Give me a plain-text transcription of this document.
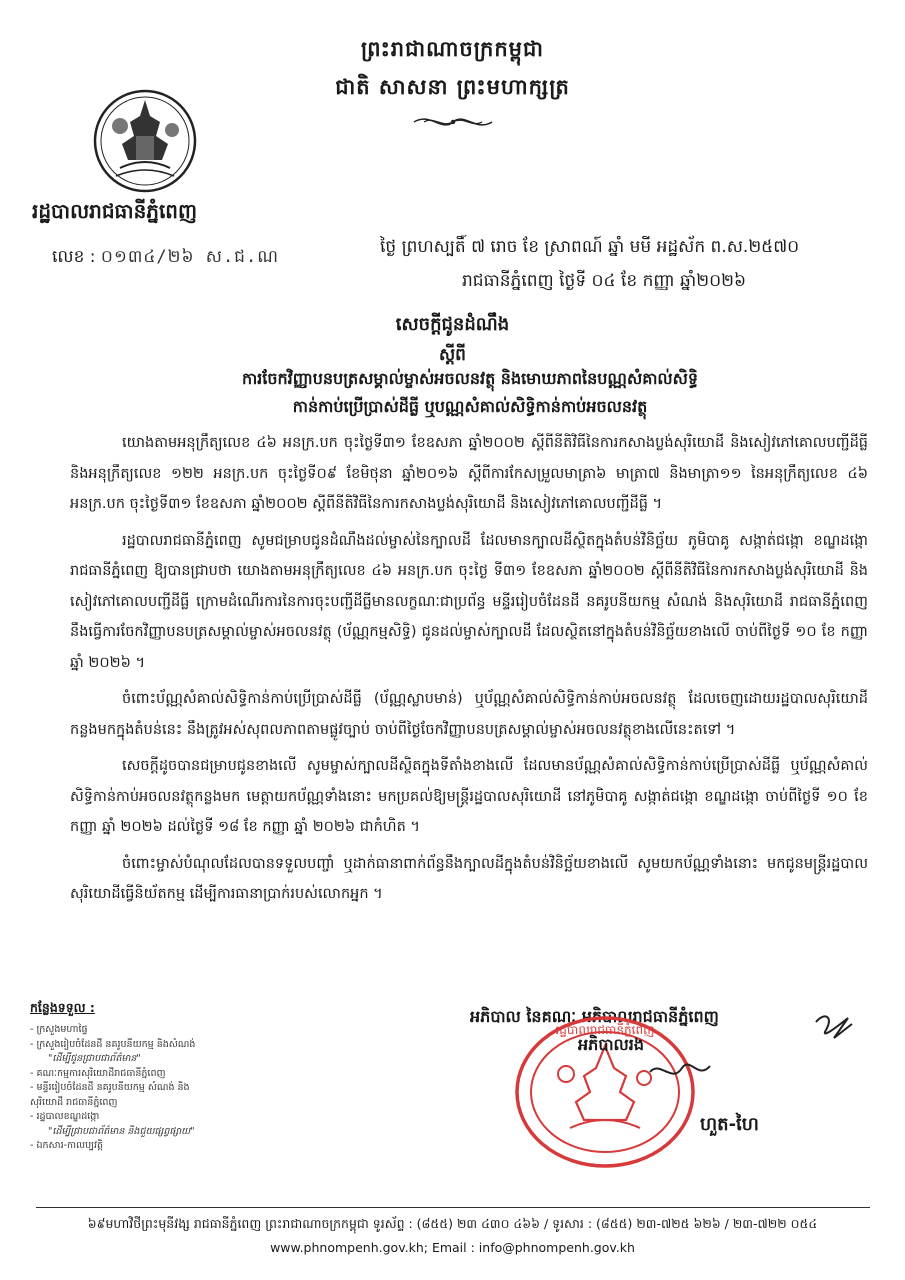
ព្រះរាជាណាចក្រកម្ពុជា
ជាតិ សាសនា ព្រះមហាក្សត្រ
រដ្ឋបាលរាជធានីភ្នំពេញ
លេខ : ០១៣៤/២៦ ស.ជ.ណ	ថ្ងៃ ព្រហស្បតិ៍ ៧ រោច ខែ ស្រាពណ៍ ឆ្នាំ មមី អដ្ឋស័ក ព.ស.២៥៧០
រាជធានីភ្នំពេញ ថ្ងៃទី ០៤ ខែ កញ្ញា ឆ្នាំ២០២៦
សេចក្តីជូនដំណឹង
ស្តីពី
ការចែកវិញ្ញាបនបត្រសម្គាល់ម្ចាស់អចលនវត្ថុ និងមោឃភាពនៃបណ្ណសំគាល់សិទ្ធិ
កាន់កាប់ប្រើប្រាស់ដីធ្លី ឬបណ្ណសំគាល់សិទ្ធិកាន់កាប់អចលនវត្ថុ

យោងតាមអនុក្រឹត្យលេខ ៤៦ អនក្រ.បក ចុះថ្ងៃទី៣១ ខែឧសភា ឆ្នាំ២០០២ ស្តីពីនីតិវិធីនៃការកសាងប្លង់សុរិយោដី និងសៀវភៅគោលបញ្ជីដីធ្លី និងអនុក្រឹត្យលេខ ១២២ អនក្រ.បក ចុះថ្ងៃទី០៩ ខែមិថុនា ឆ្នាំ២០១៦ ស្តីពីការកែសម្រួលមាត្រា៦ មាត្រា៧ និងមាត្រា១១ នៃអនុក្រឹត្យលេខ ៤៦ អនក្រ.បក ចុះថ្ងៃទី៣១ ខែឧសភា ឆ្នាំ២០០២ ស្តីពីនីតិវិធីនៃការកសាងប្លង់សុរិយោដី និងសៀវភៅគោលបញ្ជីដីធ្លី ។

រដ្ឋបាលរាជធានីភ្នំពេញ សូមជម្រាបជូនដំណឹងដល់ម្ចាស់នៃក្បាលដី ដែលមានក្បាលដីស្ថិតក្នុងតំបន់វិនិច្ឆ័យ ភូមិបាគូ សង្កាត់ជង្កោ ខណ្ឌដង្កោ រាជធានីភ្នំពេញ ឱ្យបានជ្រាបថា យោងតាមអនុក្រឹត្យលេខ ៤៦ អនក្រ.បក ចុះថ្ងៃ ទី៣១ ខែឧសភា ឆ្នាំ២០០២ ស្តីពីនីតិវិធីនៃការកសាងប្លង់សុរិយោដី និងសៀវភៅគោលបញ្ជីដីធ្លី ក្រោមដំណើរការនៃការចុះបញ្ជីដីធ្លីមានលក្ខណៈជាប្រព័ន្ធ មន្ទីររៀបចំដែនដី នគរូបនីយកម្ម សំណង់ និងសុរិយោដី រាជធានីភ្នំពេញ នឹងធ្វើការចែកវិញ្ញាបនបត្រសម្គាល់ម្ចាស់អចលនវត្ថុ (ប័ណ្ណកម្មសិទ្ធិ) ជូនដល់ម្ចាស់ក្បាលដី ដែលស្ថិតនៅក្នុងតំបន់វិនិច្ឆ័យខាងលើ ចាប់ពីថ្ងៃទី ១០ ខែ កញ្ញា ឆ្នាំ ២០២៦ ។

ចំពោះប័ណ្ណសំគាល់សិទ្ធិកាន់កាប់ប្រើប្រាស់ដីធ្លី (ប័ណ្ណស្លាបមាន់) ឬប័ណ្ណសំគាល់សិទ្ធិកាន់កាប់អចលនវត្ថុ ដែលចេញដោយរដ្ឋបាលសុរិយោដីកន្លងមកក្នុងតំបន់នេះ នឹងត្រូវអស់សុពលភាពតាមផ្លូវច្បាប់ ចាប់ពីថ្ងៃចែកវិញ្ញាបនបត្រសម្គាល់ម្ចាស់អចលនវត្ថុខាងលើនេះតទៅ ។

សេចក្តីដូចបានជម្រាបជូនខាងលើ សូមម្ចាស់ក្បាលដីស្ថិតក្នុងទីតាំងខាងលើ ដែលមានប័ណ្ណសំគាល់សិទ្ធិកាន់កាប់ប្រើប្រាស់ដីធ្លី ឬប័ណ្ណសំគាល់សិទ្ធិកាន់កាប់អចលនវត្ថុកន្លងមក មេត្តាយកប័ណ្ណទាំងនោះ មកប្រគល់ឱ្យមន្ត្រីរដ្ឋបាលសុរិយោដី នៅភូមិបាគូ សង្កាត់ជង្កោ ខណ្ឌដង្កោ ចាប់ពីថ្ងៃទី ១០ ខែ កញ្ញា ឆ្នាំ ២០២៦ ដល់ថ្ងៃទី ១៨ ខែ កញ្ញា ឆ្នាំ ២០២៦ ជាកំហិត ។

ចំពោះម្ចាស់បំណុលដែលបានទទួលបញ្ចាំ ឬដាក់ធានាពាក់ព័ន្ធនឹងក្បាលដីក្នុងតំបន់វិនិច្ឆ័យខាងលើ សូមយកប័ណ្ណទាំងនោះ មកជូនមន្ត្រីរដ្ឋបាលសុរិយោដីធ្វើនិយ័តកម្ម ដើម្បីការធានាប្រាក់របស់លោកអ្នក ។

កន្លែងទទួល :
- ក្រសួងមហាផ្ទៃ
- ក្រសួងរៀបចំដែនដី នគរូបនីយកម្ម និងសំណង់
"ដើម្បីជូនជ្រាបជាព័ត៌មាន"
- គណៈកម្មការសុរិយោដីរាជធានីភ្នំពេញ
- មន្ទីររៀបចំដែនដី នគរូបនីយកម្ម សំណង់ និង
សុរិយោដី រាជធានីភ្នំពេញ
- រដ្ឋបាលខណ្ឌដង្កោ
"ដើម្បីជ្រាបជាព័ត៌មាន និងជួយផ្សព្វផ្សាយ"
- ឯកសារ-កាលប្បវត្តិ
អភិបាល នៃគណៈ អភិបាលរាជធានីភ្នំពេញ
រដ្ឋបាលរាជធានីភ្នំពេញ
អភិបាលរង
ហួត-ហៃ
៦៩មហាវិថីព្រះមុនីវង្ស រាជធានីភ្នំពេញ ព្រះរាជាណាចក្រកម្ពុជា ទូរស័ព្ទ : (៨៥៥) ២៣ ៤៣០ ៤៦៦ / ទូរសារ : (៨៥៥) ២៣-៧២៥ ៦២៦ / ២៣-៧២២ ០៥៤
www.phnompenh.gov.kh; Email : info@phnompenh.gov.kh
